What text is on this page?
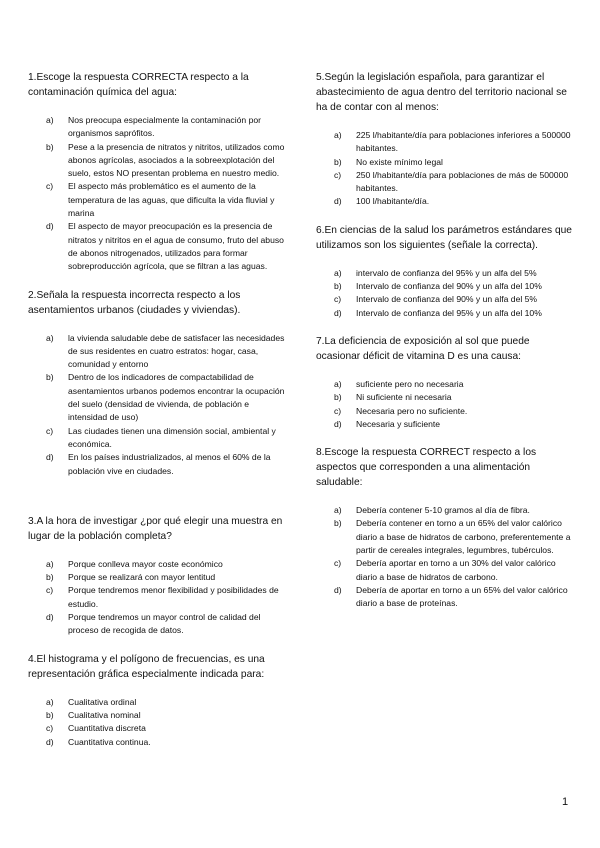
1.Escoge la respuesta CORRECTA respecto a la contaminación química del agua:
a)	Nos preocupa especialmente la contaminación por organismos saprófitos.
b)	Pese a la presencia de nitratos y nitritos, utilizados como abonos agrícolas, asociados a la sobreexplotación del suelo, estos NO presentan problema en nuestro medio.
c)	El aspecto más problemático es el aumento de la temperatura de las aguas, que dificulta la vida fluvial y marina
d)	El aspecto de mayor preocupación es la presencia de nitratos y nitritos en el agua de consumo, fruto del abuso de abonos nitrogenados, utilizados para formar sobreproducción agrícola, que se filtran a las aguas.
2.Señala la respuesta incorrecta respecto a los asentamientos urbanos (ciudades y viviendas).
a)	la vivienda saludable debe de satisfacer las necesidades de sus residentes en cuatro estratos: hogar, casa, comunidad y entorno
b)	Dentro de los indicadores de compactabilidad de asentamientos urbanos podemos encontrar la ocupación del suelo (densidad de vivienda, de población e intensidad de uso)
c)	Las ciudades tienen una dimensión social, ambiental y económica.
d)	En los países industrializados, al menos el 60% de la población vive en ciudades.
3.A la hora de investigar ¿por qué elegir una muestra en lugar de la población completa?
a)	Porque conlleva mayor coste económico
b)	Porque se realizará con mayor lentitud
c)	Porque tendremos menor flexibilidad y posibilidades de estudio.
d)	Porque tendremos un mayor control de calidad del proceso de recogida de datos.
4.El histograma y el polígono de frecuencias, es una representación gráfica especialmente indicada para:
a)	Cualitativa ordinal
b)	Cualitativa nominal
c)	Cuantitativa discreta
d)	Cuantitativa continua.
5.Según la legislación española, para garantizar el abastecimiento de agua dentro del territorio nacional se ha de contar con al menos:
a)	225 l/habitante/día para poblaciones inferiores a 500000 habitantes.
b)	No existe mínimo legal
c)	250 l/habitante/día para poblaciones de más de 500000 habitantes.
d)	100 l/habitante/día.
6.En ciencias de la salud los parámetros estándares que utilizamos son los siguientes (señale la correcta).
a)	intervalo de confianza del 95% y un alfa del 5%
b)	Intervalo de confianza del 90% y un alfa del 10%
c)	Intervalo de confianza del 90% y un alfa del 5%
d)	Intervalo de confianza del 95% y un alfa del 10%
7.La deficiencia de exposición al sol que puede ocasionar déficit de vitamina D es una causa:
a)	suficiente pero no necesaria
b)	Ni suficiente ni necesaria
c)	Necesaria pero no suficiente.
d)	Necesaria y suficiente
8.Escoge la respuesta CORRECT respecto a los aspectos que corresponden a una alimentación saludable:
a)	Debería contener 5-10 gramos al día de fibra.
b)	Debería contener en torno a un 65% del valor calórico diario a base de hidratos de carbono, preferentemente a partir de cereales integrales, legumbres, tubérculos.
c)	Debería aportar en torno a un 30% del valor calórico diario a base de hidratos de carbono.
d)	Debería de aportar en torno a un 65% del valor calórico diario a base de proteínas.
1
